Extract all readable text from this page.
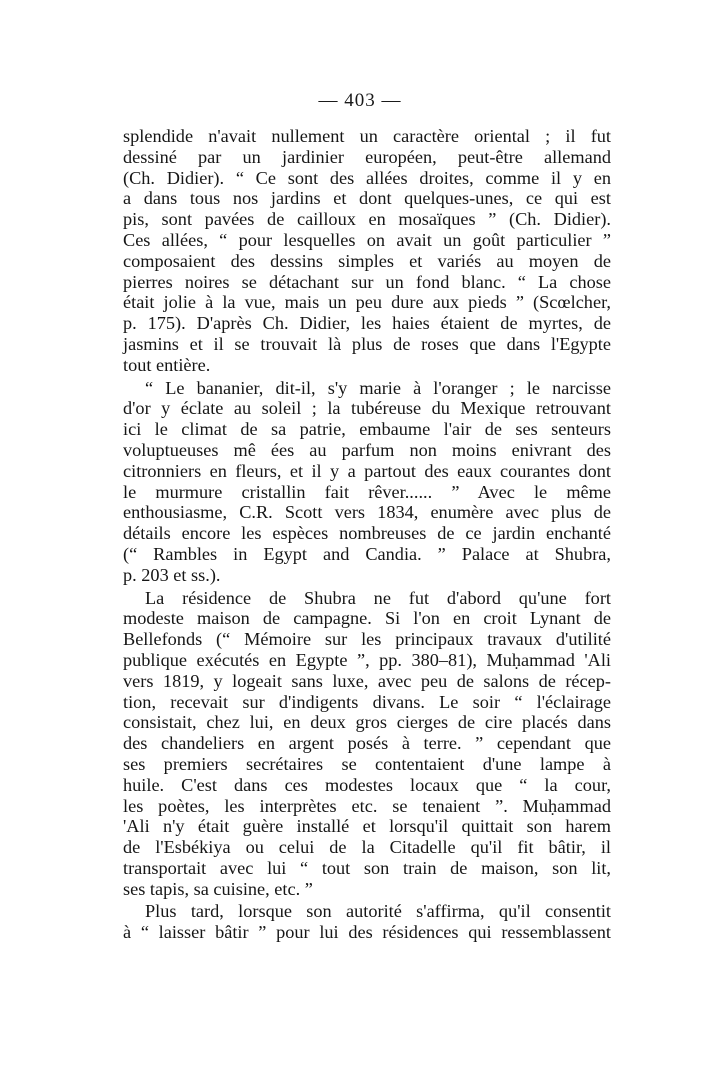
— 403 —

splendide n'avait nullement un caractère oriental ; il fut
dessiné par un jardinier européen, peut-être allemand
(Ch. Didier). “ Ce sont des allées droites, comme il y en
a dans tous nos jardins et dont quelques-unes, ce qui est
pis, sont pavées de cailloux en mosaïques ” (Ch. Didier).
Ces allées, “ pour lesquelles on avait un goût particulier ”
composaient des dessins simples et variés au moyen de
pierres noires se détachant sur un fond blanc. “ La chose
était jolie à la vue, mais un peu dure aux pieds ” (Scœlcher,
p. 175). D'après Ch. Didier, les haies étaient de myrtes, de
jasmins et il se trouvait là plus de roses que dans l'Egypte
tout entière.

“ Le bananier, dit-il, s'y marie à l'oranger ; le narcisse
d'or y éclate au soleil ; la tubéreuse du Mexique retrouvant
ici le climat de sa patrie, embaume l'air de ses senteurs
voluptueuses mê ées au parfum non moins enivrant des
citronniers en fleurs, et il y a partout des eaux courantes dont
le murmure cristallin fait rêver...... ” Avec le même
enthousiasme, C.R. Scott vers 1834, enumère avec plus de
détails encore les espèces nombreuses de ce jardin enchanté
(“ Rambles in Egypt and Candia. ” Palace at Shubra,
p. 203 et ss.).

La résidence de Shubra ne fut d'abord qu'une fort
modeste maison de campagne. Si l'on en croit Lynant de
Bellefonds (“ Mémoire sur les principaux travaux d'utilité
publique exécutés en Egypte ”, pp. 380–81), Muḥammad 'Ali
vers 1819, y logeait sans luxe, avec peu de salons de récep-
tion, recevait sur d'indigents divans. Le soir “ l'éclairage
consistait, chez lui, en deux gros cierges de cire placés dans
des chandeliers en argent posés à terre. ” cependant que
ses premiers secrétaires se contentaient d'une lampe à
huile. C'est dans ces modestes locaux que “ la cour,
les poètes, les interprètes etc. se tenaient ”. Muḥammad
'Ali n'y était guère installé et lorsqu'il quittait son harem
de l'Esbékiya ou celui de la Citadelle qu'il fit bâtir, il
transportait avec lui “ tout son train de maison, son lit,
ses tapis, sa cuisine, etc. ”

Plus tard, lorsque son autorité s'affirma, qu'il consentit
à “ laisser bâtir ” pour lui des résidences qui ressemblassent
